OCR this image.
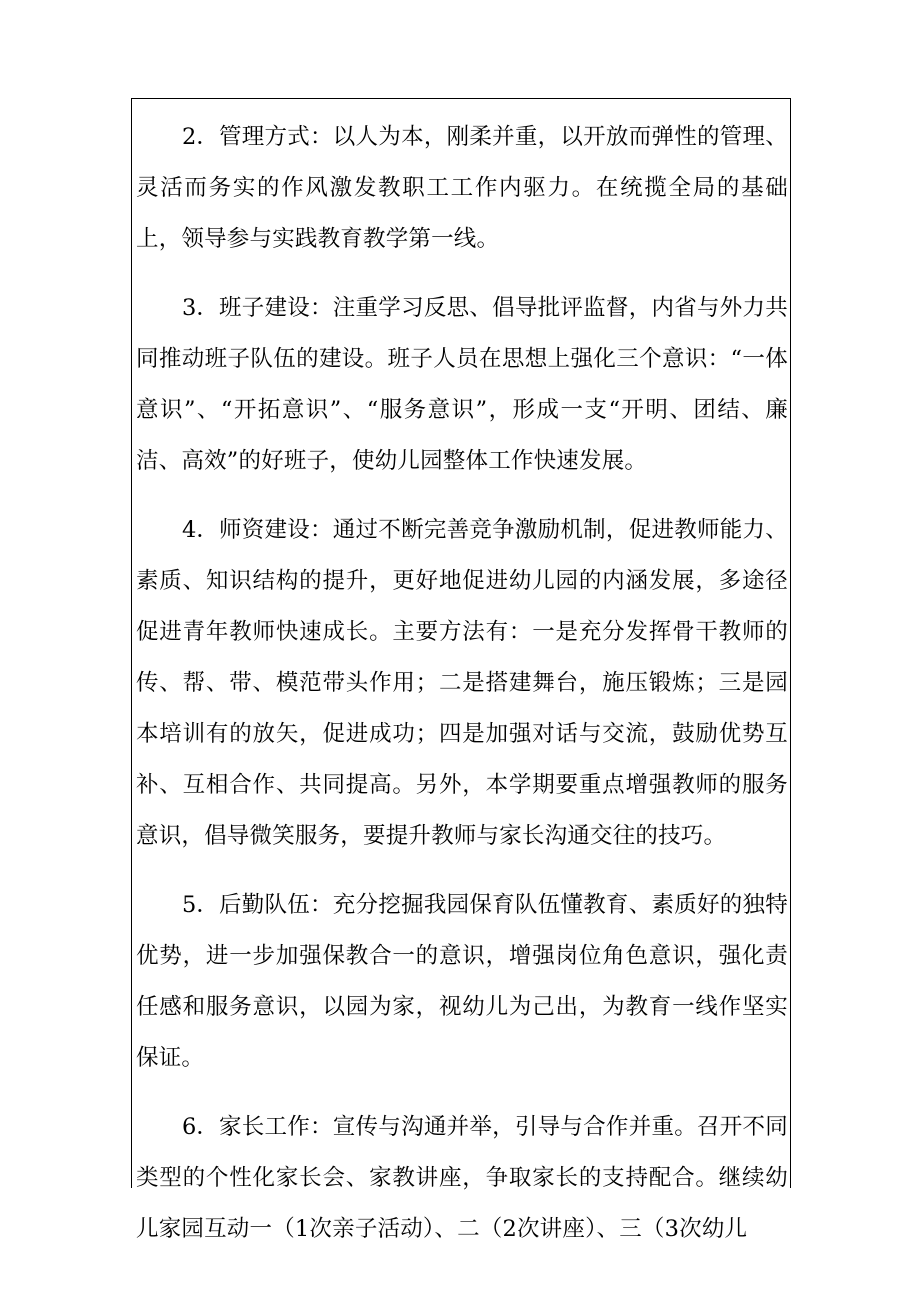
2．管理方式：以人为本，刚柔并重，以开放而弹性的管理、灵活而务实的作风激发教职工工作内驱力。在统揽全局的基础上，领导参与实践教育教学第一线。

3．班子建设：注重学习反思、倡导批评监督，内省与外力共同推动班子队伍的建设。班子人员在思想上强化三个意识：“一体意识”、“开拓意识”、“服务意识”，形成一支“开明、团结、廉洁、高效”的好班子，使幼儿园整体工作快速发展。

4．师资建设：通过不断完善竞争激励机制，促进教师能力、素质、知识结构的提升，更好地促进幼儿园的内涵发展，多途径促进青年教师快速成长。主要方法有：一是充分发挥骨干教师的传、帮、带、模范带头作用；二是搭建舞台，施压锻炼；三是园本培训有的放矢，促进成功；四是加强对话与交流，鼓励优势互补、互相合作、共同提高。另外，本学期要重点增强教师的服务意识，倡导微笑服务，要提升教师与家长沟通交往的技巧。

5．后勤队伍：充分挖掘我园保育队伍懂教育、素质好的独特优势，进一步加强保教合一的意识，增强岗位角色意识，强化责任感和服务意识，以园为家，视幼儿为己出，为教育一线作坚实保证。

6．家长工作：宣传与沟通并举，引导与合作并重。召开不同类型的个性化家长会、家教讲座，争取家长的支持配合。继续幼儿家园互动一（1次亲子活动）、二（2次讲座）、三（3次幼儿
